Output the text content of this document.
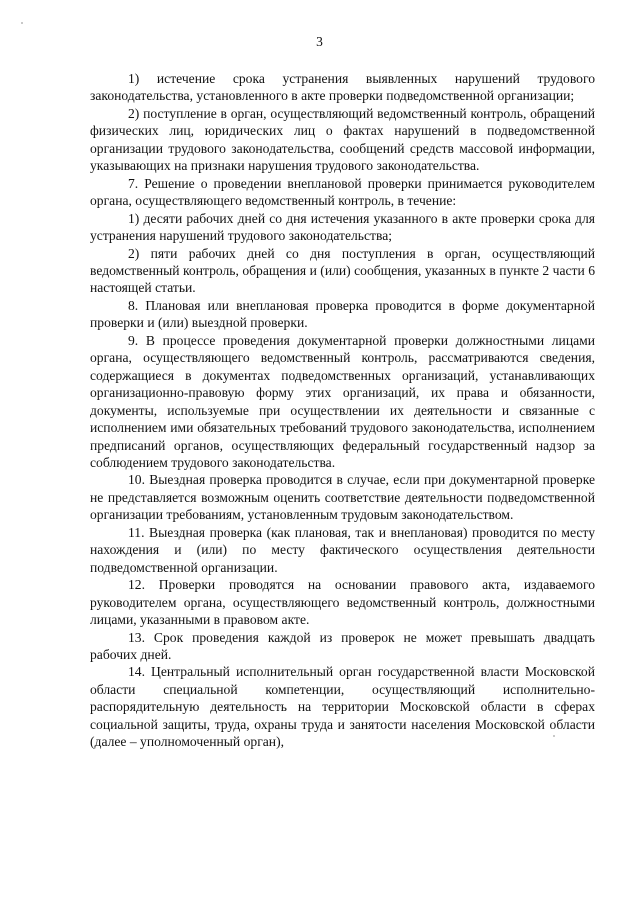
3

1) истечение срока устранения выявленных нарушений трудового законодательства, установленного в акте проверки подведомственной организации;

2) поступление в орган, осуществляющий ведомственный контроль, обращений физических лиц, юридических лиц о фактах нарушений в подведомственной организации трудового законодательства, сообщений средств массовой информации, указывающих на признаки нарушения трудового законодательства.

7. Решение о проведении внеплановой проверки принимается руководителем органа, осуществляющего ведомственный контроль, в течение:

1) десяти рабочих дней со дня истечения указанного в акте проверки срока для устранения нарушений трудового законодательства;

2) пяти рабочих дней со дня поступления в орган, осуществляющий ведомственный контроль, обращения и (или) сообщения, указанных в пункте 2 части 6 настоящей статьи.

8. Плановая или внеплановая проверка проводится в форме документарной проверки и (или) выездной проверки.

9. В процессе проведения документарной проверки должностными лицами органа, осуществляющего ведомственный контроль, рассматриваются сведения, содержащиеся в документах подведомственных организаций, устанавливающих организационно-правовую форму этих организаций, их права и обязанности, документы, используемые при осуществлении их деятельности и связанные с исполнением ими обязательных требований трудового законодательства, исполнением предписаний органов, осуществляющих федеральный государственный надзор за соблюдением трудового законодательства.

10. Выездная проверка проводится в случае, если при документарной проверке не представляется возможным оценить соответствие деятельности подведомственной организации требованиям, установленным трудовым законодательством.

11. Выездная проверка (как плановая, так и внеплановая) проводится по месту нахождения и (или) по месту фактического осуществления деятельности подведомственной организации.

12. Проверки проводятся на основании правового акта, издаваемого руководителем органа, осуществляющего ведомственный контроль, должностными лицами, указанными в правовом акте.

13. Срок проведения каждой из проверок не может превышать двадцать рабочих дней.

14. Центральный исполнительный орган государственной власти Московской области специальной компетенции, осуществляющий исполнительно-распорядительную деятельность на территории Московской области в сферах социальной защиты, труда, охраны труда и занятости населения Московской области (далее – уполномоченный орган),
